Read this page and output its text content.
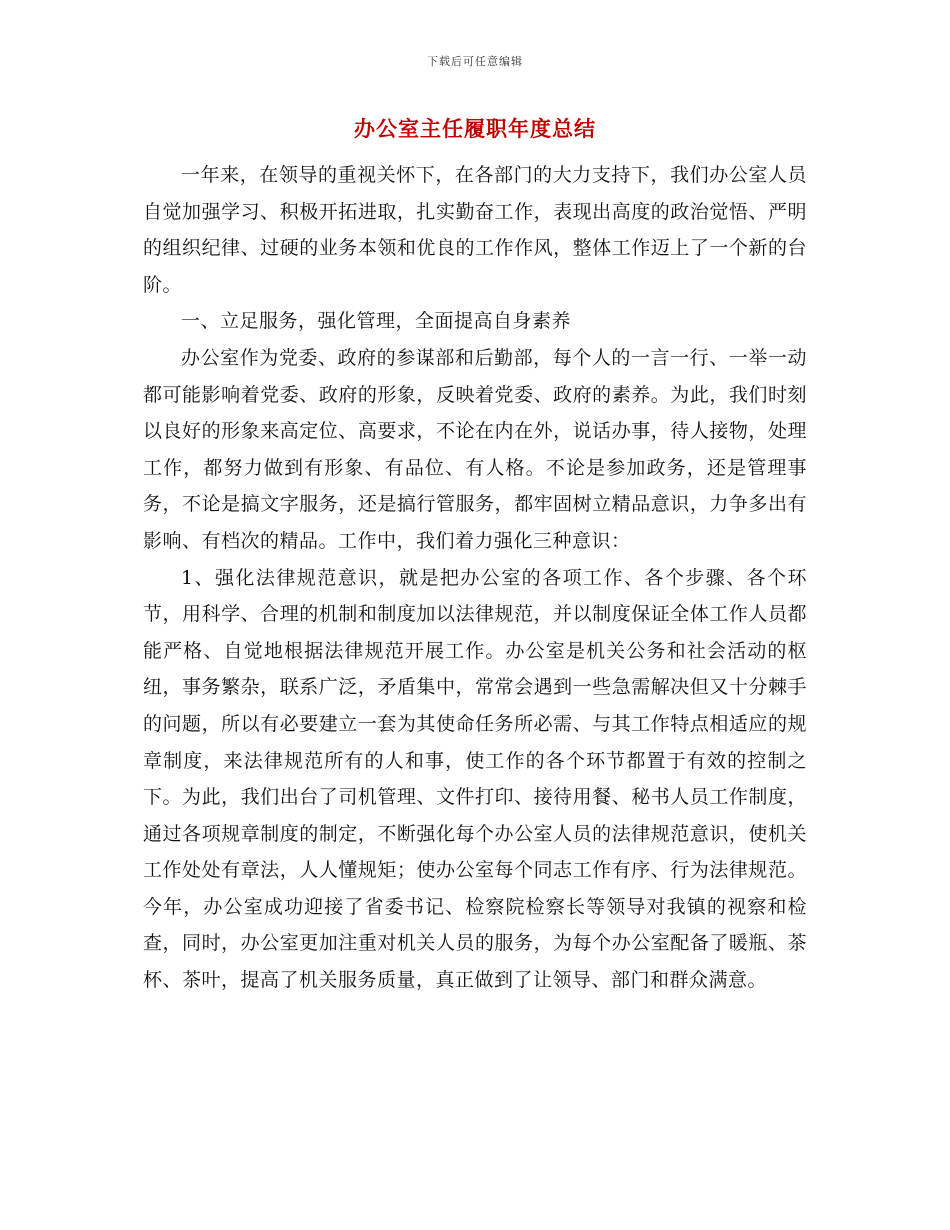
下载后可任意编辑
办公室主任履职年度总结

一年来，在领导的重视关怀下，在各部门的大力支持下，我们办公室人员自觉加强学习、积极开拓进取，扎实勤奋工作，表现出高度的政治觉悟、严明的组织纪律、过硬的业务本领和优良的工作作风，整体工作迈上了一个新的台阶。

一、立足服务，强化管理，全面提高自身素养

办公室作为党委、政府的参谋部和后勤部，每个人的一言一行、一举一动都可能影响着党委、政府的形象，反映着党委、政府的素养。为此，我们时刻以良好的形象来高定位、高要求，不论在内在外，说话办事，待人接物，处理工作，都努力做到有形象、有品位、有人格。不论是参加政务，还是管理事务，不论是搞文字服务，还是搞行管服务，都牢固树立精品意识，力争多出有影响、有档次的精品。工作中，我们着力强化三种意识：

1、强化法律规范意识，就是把办公室的各项工作、各个步骤、各个环节，用科学、合理的机制和制度加以法律规范，并以制度保证全体工作人员都能严格、自觉地根据法律规范开展工作。办公室是机关公务和社会活动的枢纽，事务繁杂，联系广泛，矛盾集中，常常会遇到一些急需解决但又十分棘手的问题，所以有必要建立一套为其使命任务所必需、与其工作特点相适应的规章制度，来法律规范所有的人和事，使工作的各个环节都置于有效的控制之下。为此，我们出台了司机管理、文件打印、接待用餐、秘书人员工作制度，通过各项规章制度的制定，不断强化每个办公室人员的法律规范意识，使机关工作处处有章法，人人懂规矩；使办公室每个同志工作有序、行为法律规范。今年，办公室成功迎接了省委书记、检察院检察长等领导对我镇的视察和检查，同时，办公室更加注重对机关人员的服务，为每个办公室配备了暖瓶、茶杯、茶叶，提高了机关服务质量，真正做到了让领导、部门和群众满意。
